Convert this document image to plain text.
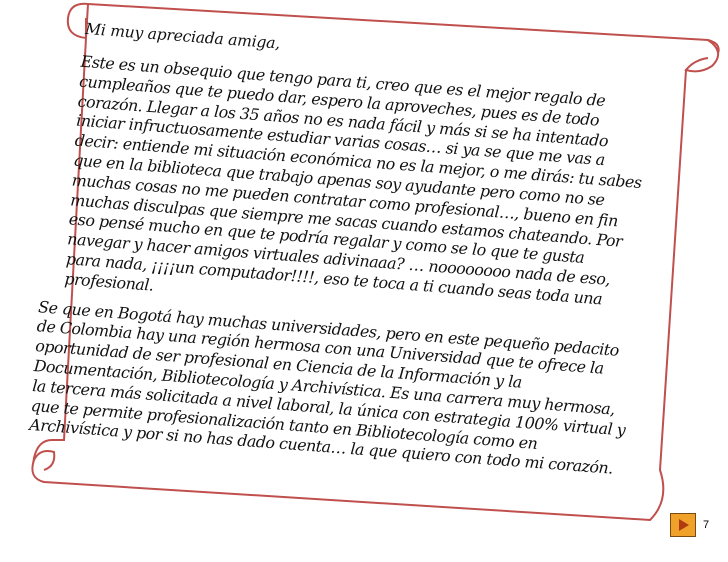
Mi muy apreciada amiga,

Este es un obsequio que tengo para ti, creo que es el mejor regalo de cumpleaños que te puedo dar, espero la aproveches, pues es de todo corazón. Llegar a los 35 años no es nada fácil y más si se ha intentado iniciar infructuosamente estudiar varias cosas… si ya se que me vas a decir: entiende mi situación económica no es la mejor, o me dirás: tu sabes que en la biblioteca que trabajo apenas soy ayudante pero como no se muchas cosas no me pueden contratar como profesional…, bueno en fin muchas disculpas que siempre me sacas cuando estamos chateando. Por eso pensé mucho en que te podría regalar y como se lo que te gusta navegar y hacer amigos virtuales adivinaaa? … noooooooo nada de eso, para nada, ¡¡¡¡un computador!!!!, eso te toca a ti cuando seas toda una profesional.

Se que en Bogotá hay muchas universidades, pero en este pequeño pedacito de Colombia hay una región hermosa con una Universidad que te ofrece la oportunidad de ser profesional en Ciencia de la Información y la Documentación, Bibliotecología y Archivística. Es una carrera muy hermosa, la tercera más solicitada a nivel laboral, la única con estrategia 100% virtual y que te permite profesionalización tanto en Bibliotecología como en Archivística y por si no has dado cuenta… la que quiero con todo mi corazón.

7
